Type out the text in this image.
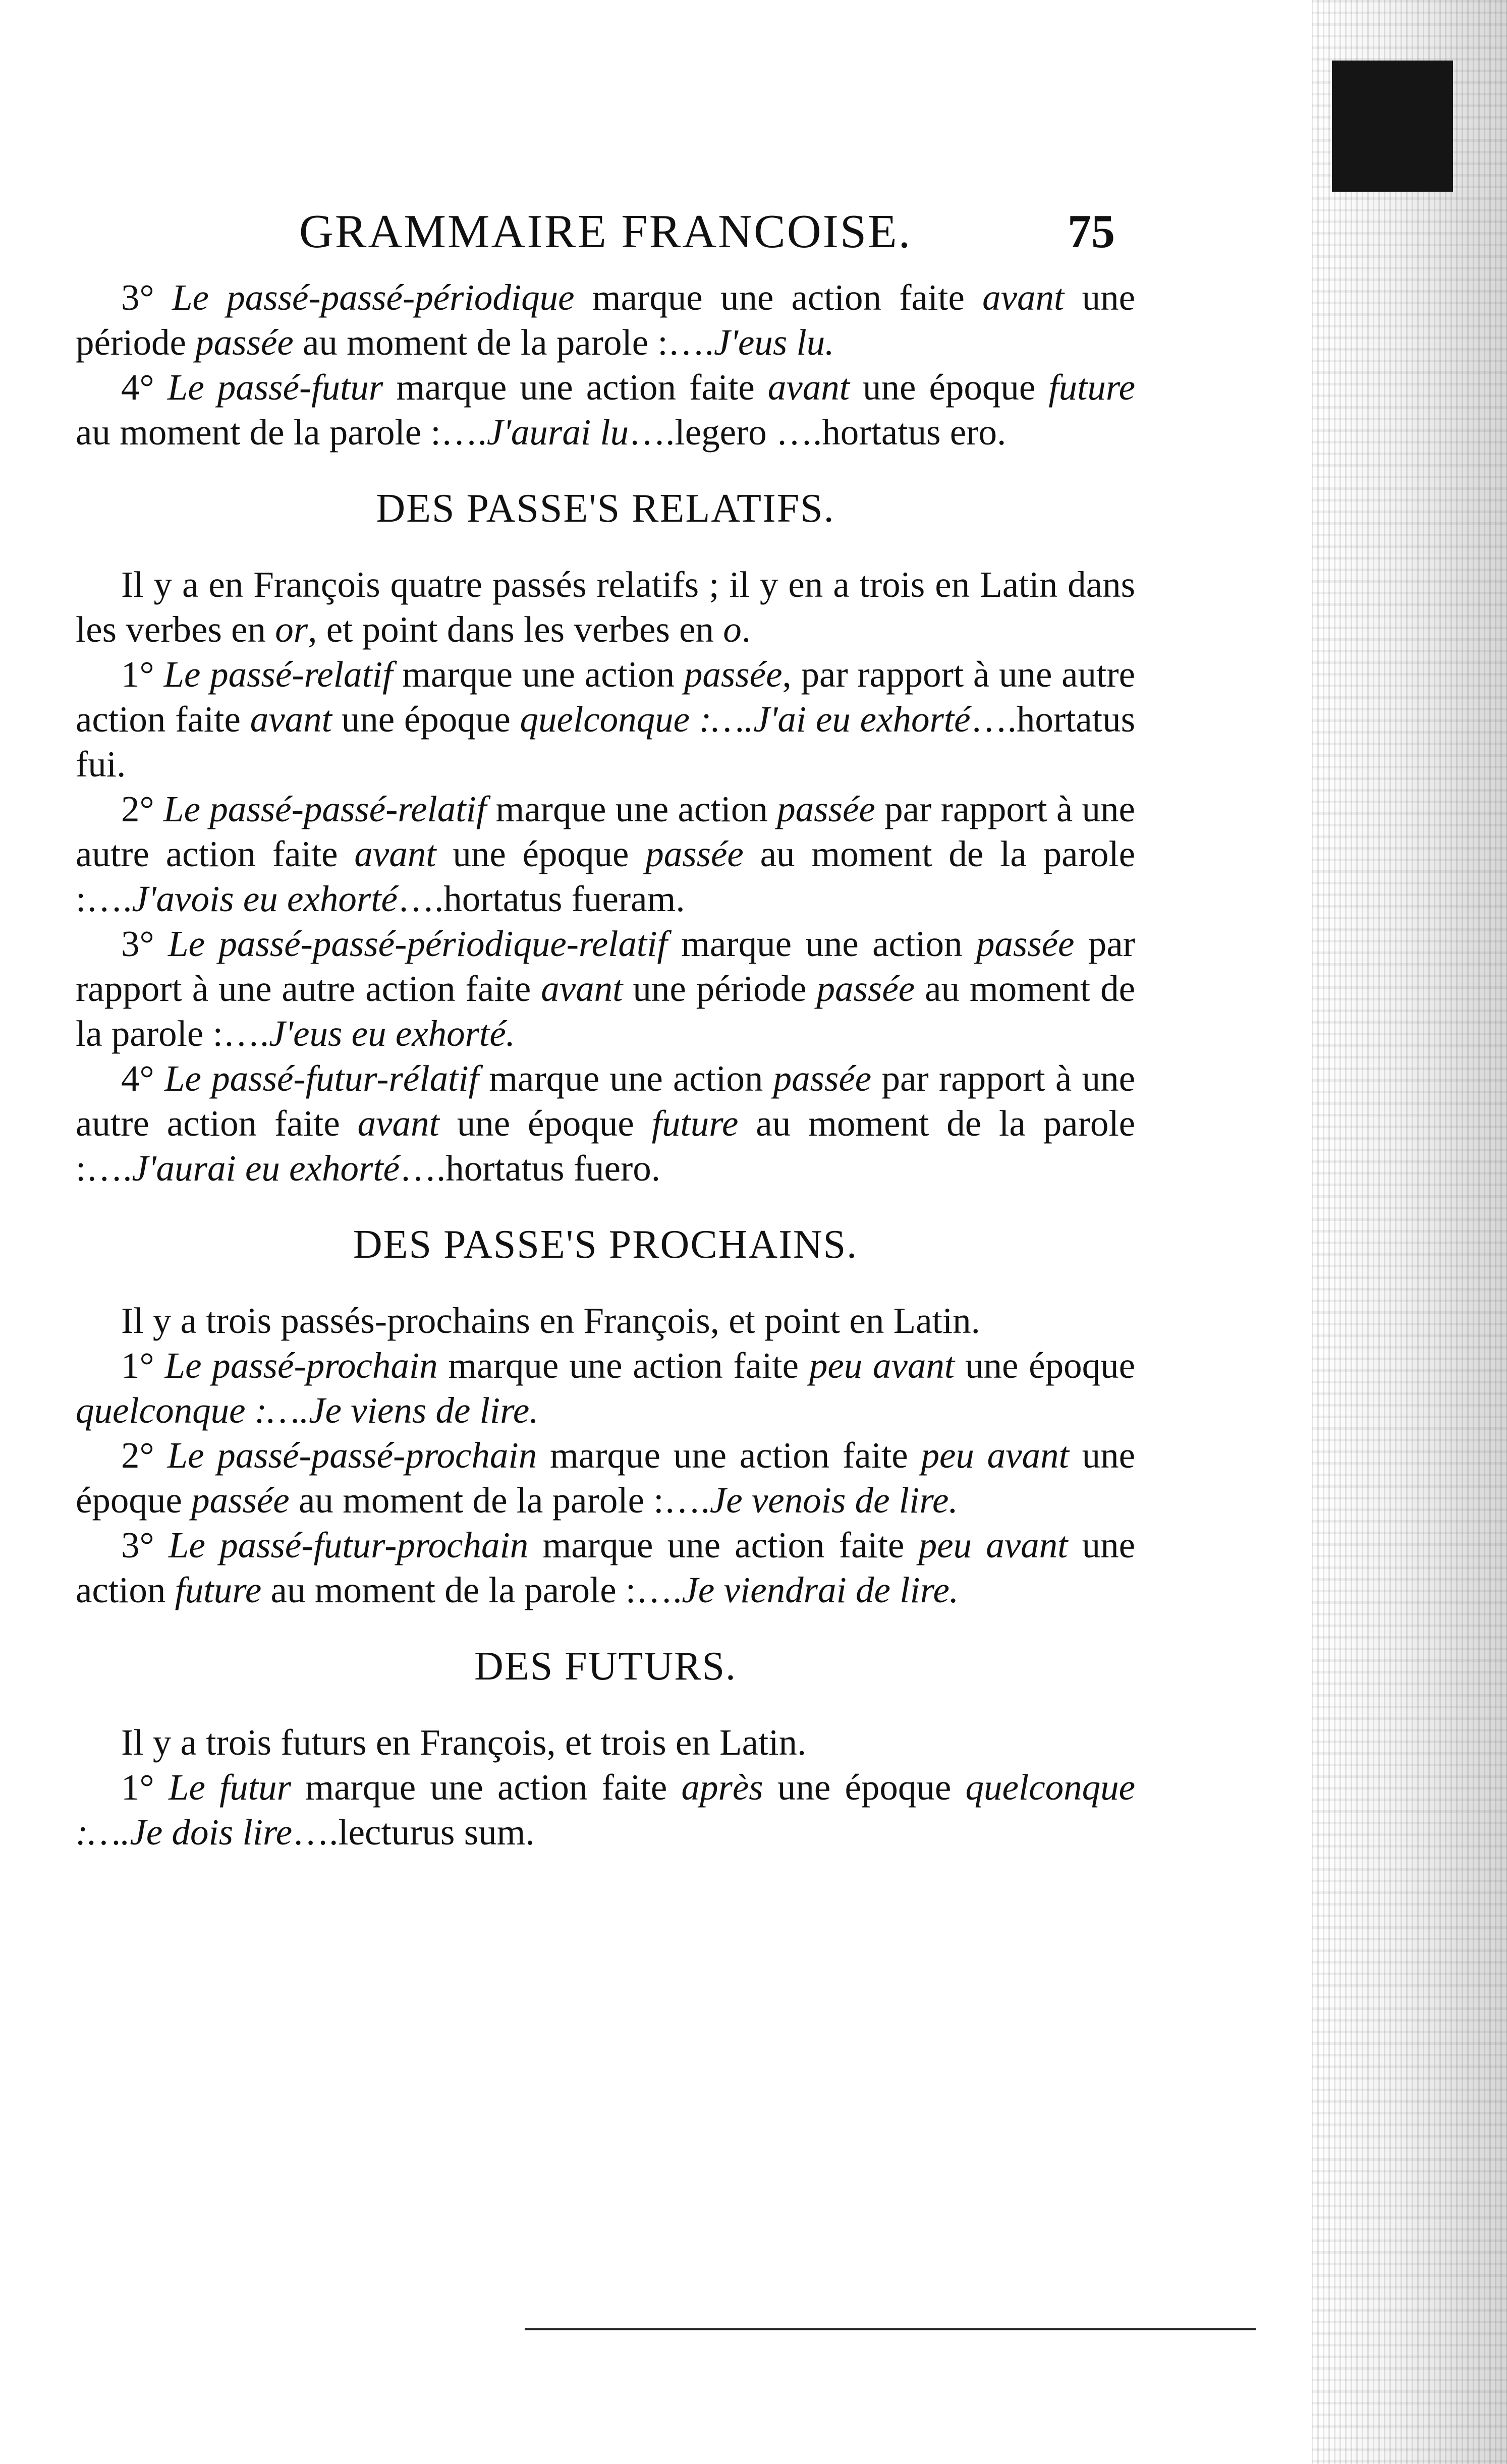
GRAMMAIRE FRANCOISE.	75

3° Le passé-passé-périodique marque une action faite avant une période passée au moment de la parole :….J'eus lu.

4° Le passé-futur marque une action faite avant une époque future au moment de la parole :….J'aurai lu….legero ….hortatus ero.

DES PASSE'S RELATIFS.

Il y a en François quatre passés relatifs ; il y en a trois en Latin dans les verbes en or, et point dans les verbes en o.

1° Le passé-relatif marque une action passée, par rapport à une autre action faite avant une époque quelconque :….J'ai eu exhorté….hortatus fui.

2° Le passé-passé-relatif marque une action passée par rapport à une autre action faite avant une époque passée au moment de la parole :….J'avois eu exhorté….hortatus fueram.

3° Le passé-passé-périodique-relatif marque une action passée par rapport à une autre action faite avant une période passée au moment de la parole :….J'eus eu exhorté.

4° Le passé-futur-rélatif marque une action passée par rapport à une autre action faite avant une époque future au moment de la parole :….J'aurai eu exhorté….hortatus fuero.

DES PASSE'S PROCHAINS.

Il y a trois passés-prochains en François, et point en Latin.

1° Le passé-prochain marque une action faite peu avant une époque quelconque :….Je viens de lire.

2° Le passé-passé-prochain marque une action faite peu avant une époque passée au moment de la parole :….Je venois de lire.

3° Le passé-futur-prochain marque une action faite peu avant une action future au moment de la parole :….Je viendrai de lire.

DES FUTURS.

Il y a trois futurs en François, et trois en Latin.

1° Le futur marque une action faite après une époque quelconque :….Je dois lire….lecturus sum.
